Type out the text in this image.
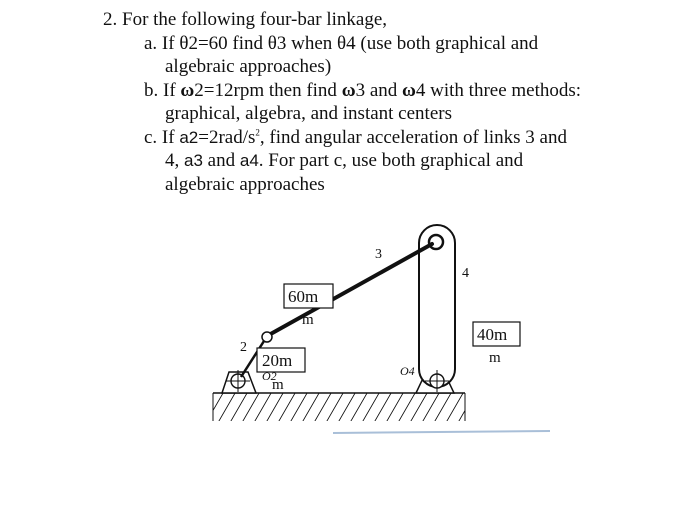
2. For the following four-bar linkage,
a. If θ2=60 find θ3 when θ4 (use both graphical and
algebraic approaches)
b. If ω2=12rpm then find ω3 and ω4 with three methods:
graphical, algebra, and instant centers
c. If $a2=2rad/s^2$, find angular acceleration of links 3 and
4, a3 and a4. For part c, use both graphical and
algebraic approaches
2
3
4
60m
m
20m
m
O2	O4
40m
m
